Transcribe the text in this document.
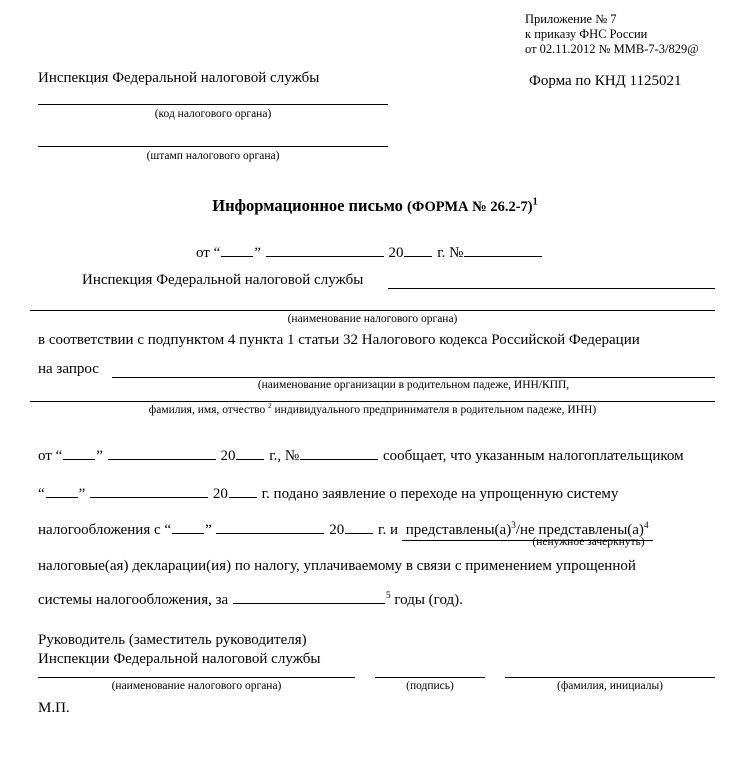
Приложение № 7
к приказу ФНС России
от 02.11.2012 № ММВ-7-3/829@
Форма по КНД 1125021
Инспекция Федеральной налоговой службы
(код налогового органа)
(штамп налогового органа)
Информационное письмо (ФОРМА № 26.2-7)$^1$
от “ ”	20 г. №
Инспекция Федеральной налоговой службы
(наименование налогового органа)
в соответствии с подпунктом 4 пункта 1 статьи 32 Налогового кодекса Российской Федерации
на запрос
(наименование организации в родительном падеже, ИНН/КПП,
фамилия, имя, отчество $^2$ индивидуального предпринимателя в родительном падеже, ИНН)
от “ ”	20 г., №	сообщает, что указанным налогоплательщиком
“ ”	20 г. подано заявление о переходе на упрощенную систему
налогообложения с “ ”	20 г. и $представлены(а)^3/не$ $представлены(а)^4$
(ненужное зачеркнуть)
налоговые(ая) декларации(ия) по налогу, уплачиваемому в связи с применением упрощенной
системы налогообложения, за	$^5$ годы (год).
Руководитель (заместитель руководителя)
Инспекции Федеральной налоговой службы
(наименование налогового органа)	(подпись)	(фамилия, инициалы)
М.П.
